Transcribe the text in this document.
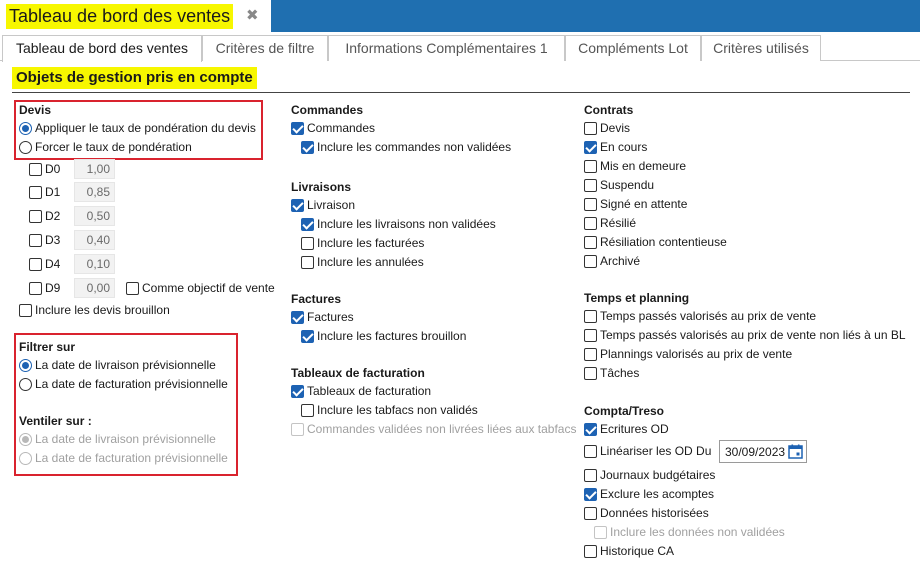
Tableau de bord des ventes ✖
Tableau de bord des ventes	Critères de filtre	Informations Complémentaires 1	Compléments Lot	Critères utilisés
Objets de gestion pris en compte
Devis
Appliquer le taux de pondération du devis
Forcer le taux de pondération
D0	1,00
D1	0,85
D2	0,50
D3	0,40
D4	0,10
D9	0,00	Comme objectif de vente
Inclure les devis brouillon
Filtrer sur
La date de livraison prévisionnelle
La date de facturation prévisionnelle
Ventiler sur :
La date de livraison prévisionnelle
La date de facturation prévisionnelle
Commandes
Commandes
Inclure les commandes non validées
Livraisons
Livraison
Inclure les livraisons non validées
Inclure les facturées
Inclure les annulées
Factures
Factures
Inclure les factures brouillon
Tableaux de facturation
Tableaux de facturation
Inclure les tabfacs non validés
Commandes validées non livrées liées aux tabfacs
Contrats
Devis
En cours
Mis en demeure
Suspendu
Signé en attente
Résilié
Résiliation contentieuse
Archivé
Temps et planning
Temps passés valorisés au prix de vente
Temps passés valorisés au prix de vente non liés à un BL
Plannings valorisés au prix de vente
Tâches
Compta/Treso
Ecritures OD
Linéariser les OD Du 30/09/2023
Journaux budgétaires
Exclure les acomptes
Données historisées
Inclure les données non validées
Historique CA
